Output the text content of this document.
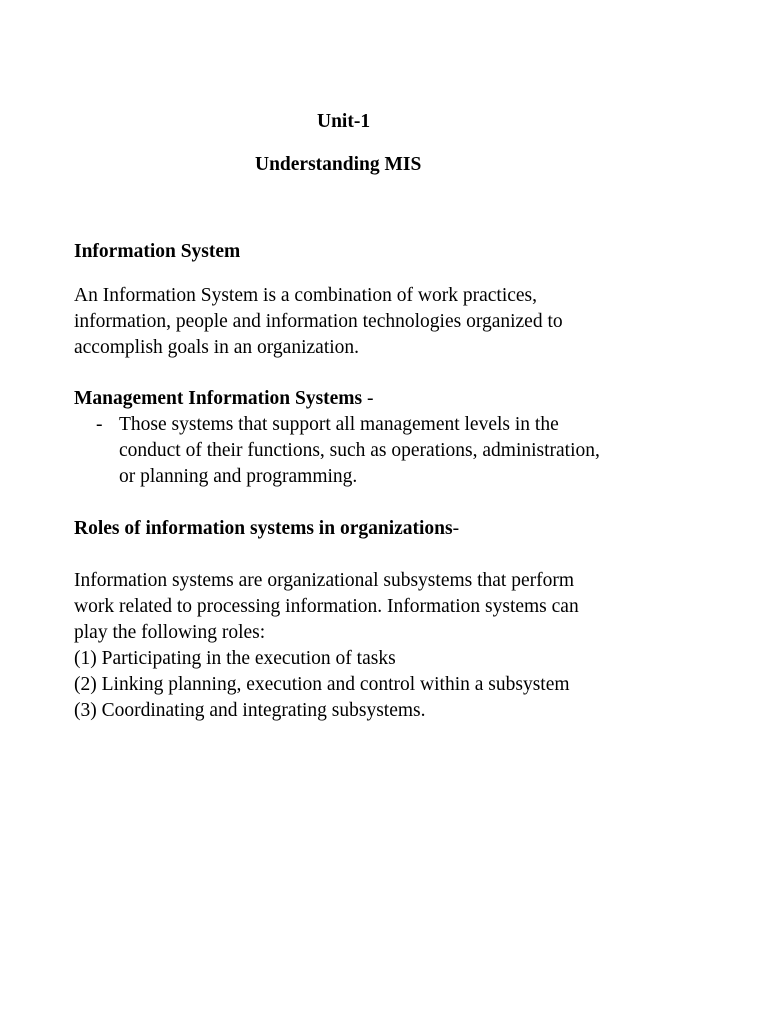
Unit-1
Understanding MIS
Information System
An Information System is a combination of work practices,
information, people and information technologies organized to
accomplish goals in an organization.
Management Information Systems -
- Those systems that support all management levels in the
conduct of their functions, such as operations, administration,
or planning and programming.
Roles of information systems in organizations-
Information systems are organizational subsystems that perform
work related to processing information. Information systems can
play the following roles:
(1) Participating in the execution of tasks
(2) Linking planning, execution and control within a subsystem
(3) Coordinating and integrating subsystems.
